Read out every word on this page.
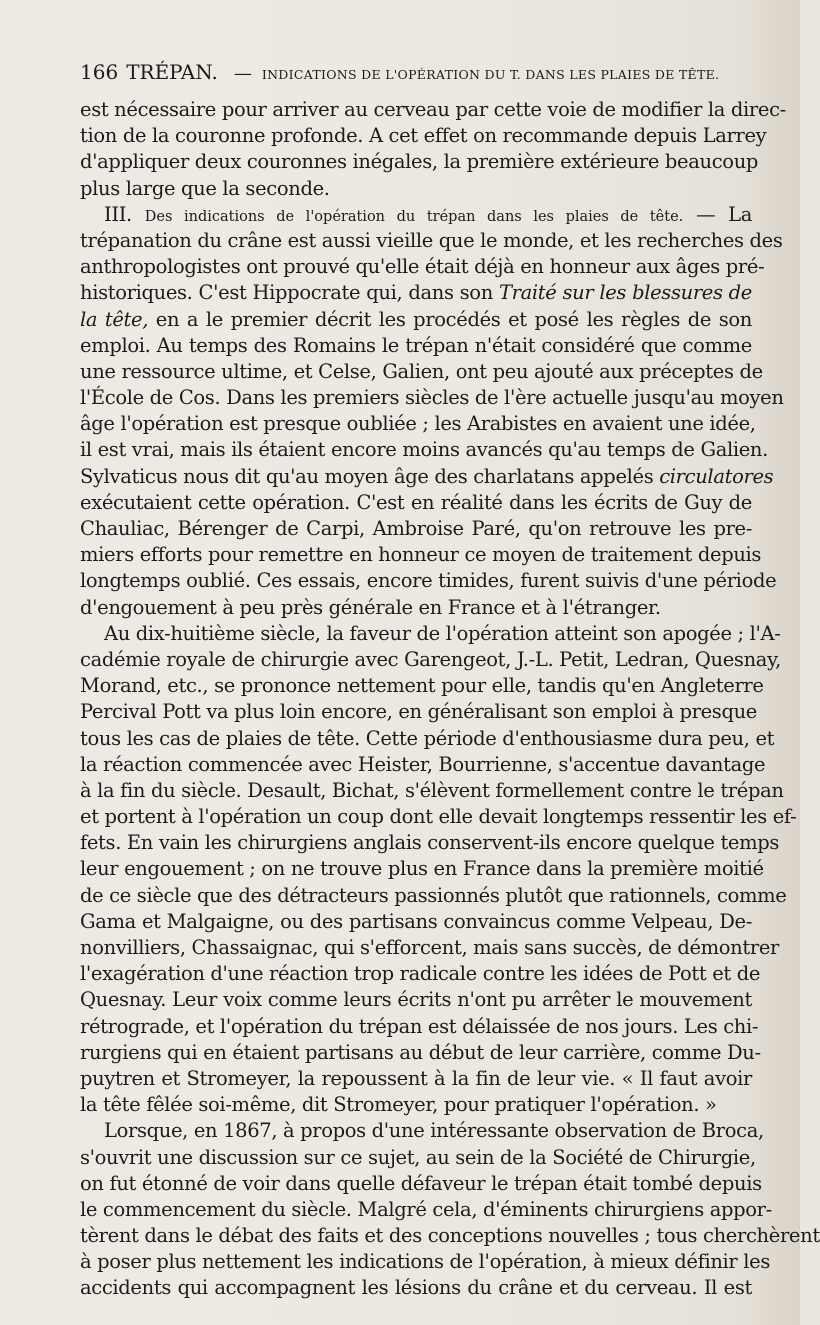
166 TRÉPAN. — INDICATIONS DE L'OPÉRATION DU T. DANS LES PLAIES DE TÊTE.
est nécessaire pour arriver au cerveau par cette voie de modifier la direc-
tion de la couronne profonde. A cet effet on recommande depuis Larrey
d'appliquer deux couronnes inégales, la première extérieure beaucoup
plus large que la seconde.
III. Des indications de l'opération du trépan dans les plaies de tête. — La
trépanation du crâne est aussi vieille que le monde, et les recherches des
anthropologistes ont prouvé qu'elle était déjà en honneur aux âges pré-
historiques. C'est Hippocrate qui, dans son Traité sur les blessures de
la tête, en a le premier décrit les procédés et posé les règles de son
emploi. Au temps des Romains le trépan n'était considéré que comme
une ressource ultime, et Celse, Galien, ont peu ajouté aux préceptes de
l'École de Cos. Dans les premiers siècles de l'ère actuelle jusqu'au moyen
âge l'opération est presque oubliée ; les Arabistes en avaient une idée,
il est vrai, mais ils étaient encore moins avancés qu'au temps de Galien.
Sylvaticus nous dit qu'au moyen âge des charlatans appelés circulatores
exécutaient cette opération. C'est en réalité dans les écrits de Guy de
Chauliac, Bérenger de Carpi, Ambroise Paré, qu'on retrouve les pre-
miers efforts pour remettre en honneur ce moyen de traitement depuis
longtemps oublié. Ces essais, encore timides, furent suivis d'une période
d'engouement à peu près générale en France et à l'étranger.
Au dix-huitième siècle, la faveur de l'opération atteint son apogée ; l'A-
cadémie royale de chirurgie avec Garengeot, J.-L. Petit, Ledran, Quesnay,
Morand, etc., se prononce nettement pour elle, tandis qu'en Angleterre
Percival Pott va plus loin encore, en généralisant son emploi à presque
tous les cas de plaies de tête. Cette période d'enthousiasme dura peu, et
la réaction commencée avec Heister, Bourrienne, s'accentue davantage
à la fin du siècle. Desault, Bichat, s'élèvent formellement contre le trépan
et portent à l'opération un coup dont elle devait longtemps ressentir les ef-
fets. En vain les chirurgiens anglais conservent-ils encore quelque temps
leur engouement ; on ne trouve plus en France dans la première moitié
de ce siècle que des détracteurs passionnés plutôt que rationnels, comme
Gama et Malgaigne, ou des partisans convaincus comme Velpeau, De-
nonvilliers, Chassaignac, qui s'efforcent, mais sans succès, de démontrer
l'exagération d'une réaction trop radicale contre les idées de Pott et de
Quesnay. Leur voix comme leurs écrits n'ont pu arrêter le mouvement
rétrograde, et l'opération du trépan est délaissée de nos jours. Les chi-
rurgiens qui en étaient partisans au début de leur carrière, comme Du-
puytren et Stromeyer, la repoussent à la fin de leur vie. « Il faut avoir
la tête fêlée soi-même, dit Stromeyer, pour pratiquer l'opération. »
Lorsque, en 1867, à propos d'une intéressante observation de Broca,
s'ouvrit une discussion sur ce sujet, au sein de la Société de Chirurgie,
on fut étonné de voir dans quelle défaveur le trépan était tombé depuis
le commencement du siècle. Malgré cela, d'éminents chirurgiens appor-
tèrent dans le débat des faits et des conceptions nouvelles ; tous cherchèrent
à poser plus nettement les indications de l'opération, à mieux définir les
accidents qui accompagnent les lésions du crâne et du cerveau. Il est
